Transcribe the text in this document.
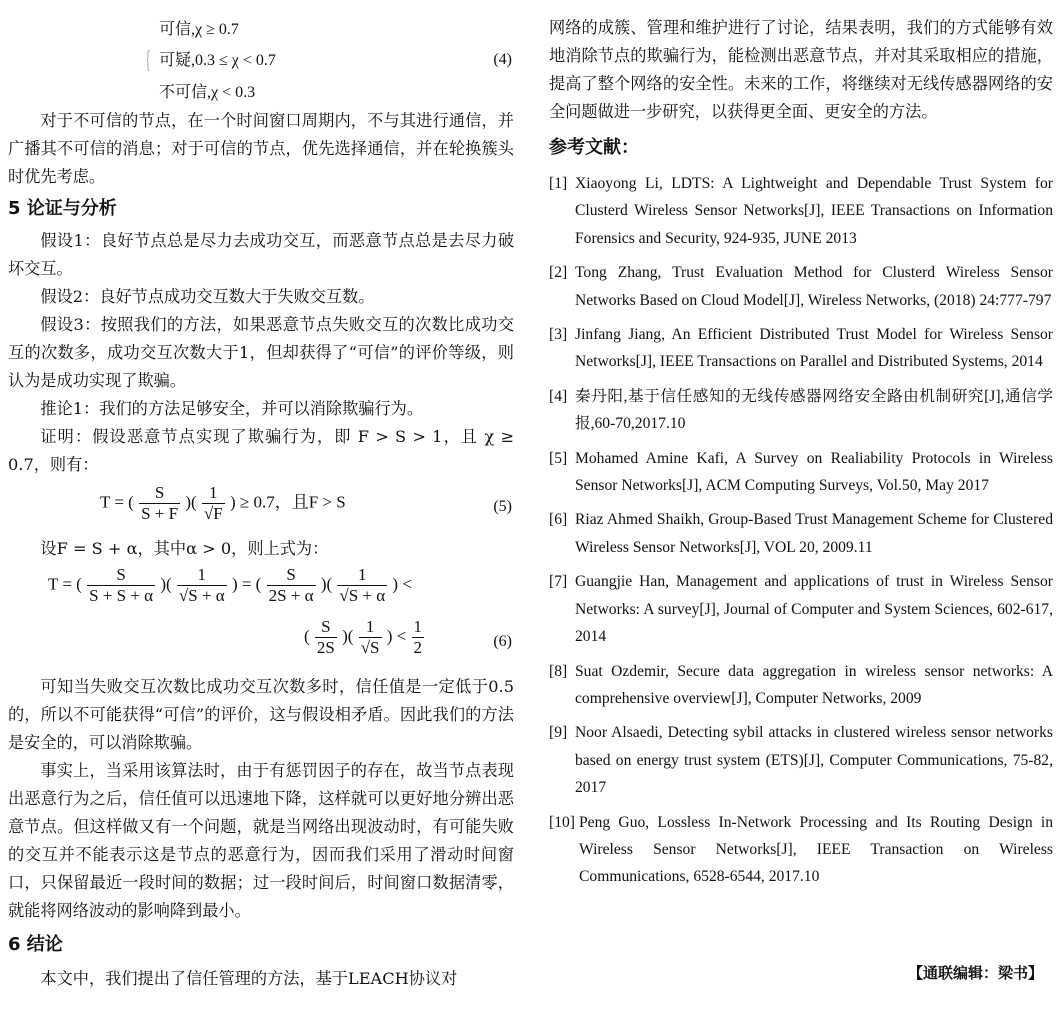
可信,χ ≥ 0.7
可疑,0.3 ≤ χ < 0.7
不可信,χ < 0.3
(4)

对于不可信的节点，在一个时间窗口周期内，不与其进行通信，并广播其不可信的消息；对于可信的节点，优先选择通信，并在轮换簇头时优先考虑。

5 论证与分析

假设1：良好节点总是尽力去成功交互，而恶意节点总是去尽力破坏交互。

假设2：良好节点成功交互数大于失败交互数。

假设3：按照我们的方法，如果恶意节点失败交互的次数比成功交互的次数多，成功交互次数大于1，但却获得了“可信”的评价等级，则认为是成功实现了欺骗。

推论1：我们的方法足够安全，并可以消除欺骗行为。

证明：假设恶意节点实现了欺骗行为，即 F > S > 1，且 χ ≥ 0.7，则有：

T = ( $\frac{S}{S + F}$ )( $\frac{1}{√F}$ ) ≥ 0.7，且F > S	(5)

设F = S + α，其中α > 0，则上式为：

T = ( $\frac{S}{S + S + \alpha}$ )( $\frac{1}{√S + \alpha}$ ) = ( $\frac{S}{2S + \alpha}$ )( $\frac{1}{√S + \alpha}$ ) <
( $\frac{S}{2S}$ )( $\frac{1}{√S}$ ) < $\frac{1}{2}$	(6)

可知当失败交互次数比成功交互次数多时，信任值是一定低于0.5的，所以不可能获得“可信”的评价，这与假设相矛盾。因此我们的方法是安全的，可以消除欺骗。

事实上，当采用该算法时，由于有惩罚因子的存在，故当节点表现出恶意行为之后，信任值可以迅速地下降，这样就可以更好地分辨出恶意节点。但这样做又有一个问题，就是当网络出现波动时，有可能失败的交互并不能表示这是节点的恶意行为，因而我们采用了滑动时间窗口，只保留最近一段时间的数据；过一段时间后，时间窗口数据清零，就能将网络波动的影响降到最小。

6 结论

本文中，我们提出了信任管理的方法，基于LEACH协议对

网络的成簇、管理和维护进行了讨论，结果表明，我们的方式能够有效地消除节点的欺骗行为，能检测出恶意节点，并对其采取相应的措施，提高了整个网络的安全性。未来的工作，将继续对无线传感器网络的安全问题做进一步研究，以获得更全面、更安全的方法。

参考文献：
[1] Xiaoyong Li, LDTS: A Lightweight and Dependable Trust System for Clusterd Wireless Sensor Networks[J], IEEE Transactions on Information Forensics and Security, 924-935, JUNE 2013
[2] Tong Zhang, Trust Evaluation Method for Clusterd Wireless Sensor Networks Based on Cloud Model[J], Wireless Networks, (2018) 24:777-797
[3] Jinfang Jiang, An Efficient Distributed Trust Model for Wireless Sensor Networks[J], IEEE Transactions on Parallel and Distributed Systems, 2014
[4] 秦丹阳,基于信任感知的无线传感器网络安全路由机制研究[J],通信学报,60-70,2017.10
[5] Mohamed Amine Kafi, A Survey on Realiability Protocols in Wireless Sensor Networks[J], ACM Computing Surveys, Vol.50, May 2017
[6] Riaz Ahmed Shaikh, Group-Based Trust Management Scheme for Clustered Wireless Sensor Networks[J], VOL 20, 2009.11
[7] Guangjie Han, Management and applications of trust in Wireless Sensor Networks: A survey[J], Journal of Computer and System Sciences, 602-617, 2014
[8] Suat Ozdemir, Secure data aggregation in wireless sensor networks: A comprehensive overview[J], Computer Networks, 2009
[9] Noor Alsaedi, Detecting sybil attacks in clustered wireless sensor networks based on energy trust system (ETS)[J], Computer Communications, 75-82, 2017
[10] Peng Guo, Lossless In-Network Processing and Its Routing Design in Wireless Sensor Networks[J], IEEE Transaction on Wireless Communications, 6528-6544, 2017.10
【通联编辑：梁书】
